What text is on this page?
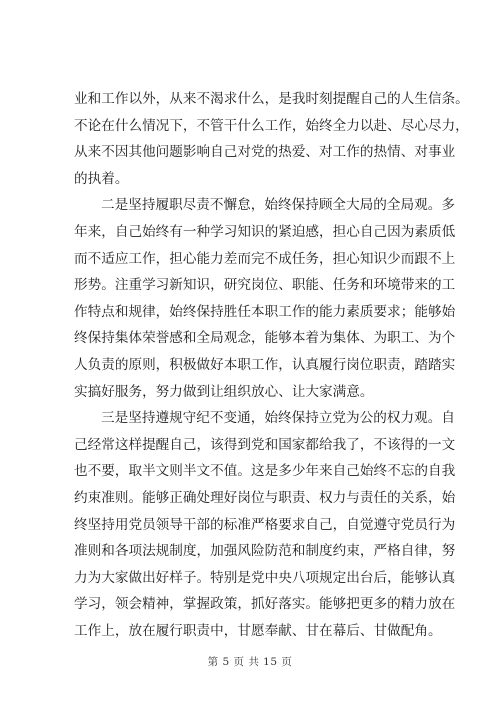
业和工作以外，从来不渴求什么，是我时刻提醒自己的人生信条。
不论在什么情况下，不管干什么工作，始终全力以赴、尽心尽力，
从来不因其他问题影响自己对党的热爱、对工作的热情、对事业
的执着。
二是坚持履职尽责不懈怠，始终保持顾全大局的全局观。多
年来，自己始终有一种学习知识的紧迫感，担心自己因为素质低
而不适应工作，担心能力差而完不成任务，担心知识少而跟不上
形势。注重学习新知识，研究岗位、职能、任务和环境带来的工
作特点和规律，始终保持胜任本职工作的能力素质要求；能够始
终保持集体荣誉感和全局观念，能够本着为集体、为职工、为个
人负责的原则，积极做好本职工作，认真履行岗位职责，踏踏实
实搞好服务，努力做到让组织放心、让大家满意。
三是坚持遵规守纪不变通，始终保持立党为公的权力观。自
己经常这样提醒自己，该得到党和国家都给我了，不该得的一文
也不要，取半文则半文不值。这是多少年来自己始终不忘的自我
约束准则。能够正确处理好岗位与职责、权力与责任的关系，始
终坚持用党员领导干部的标准严格要求自己，自觉遵守党员行为
准则和各项法规制度，加强风险防范和制度约束，严格自律，努
力为大家做出好样子。特别是党中央八项规定出台后，能够认真
学习，领会精神，掌握政策，抓好落实。能够把更多的精力放在
工作上，放在履行职责中，甘愿奉献、甘在幕后、甘做配角。
第 5 页 共 15 页
